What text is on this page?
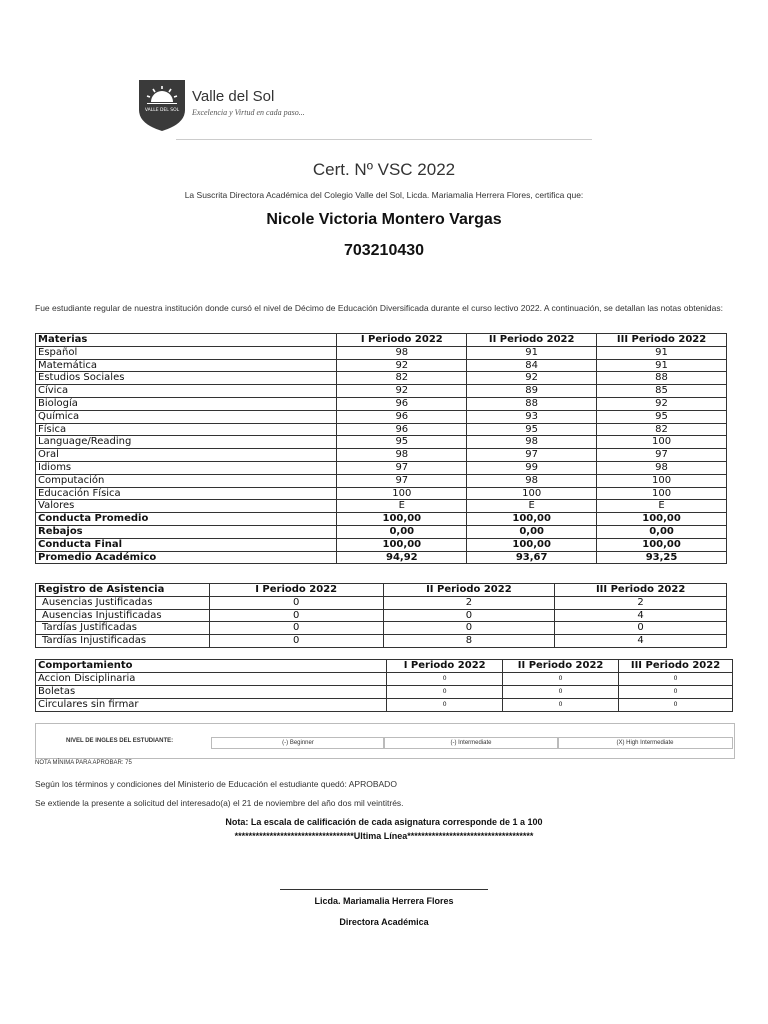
VALLE DEL SOL
Valle del Sol
Excelencia y Virtud en cada paso...
Cert. Nº VSC 2022
La Suscrita Directora Académica del Colegio Valle del Sol, Licda. Mariamalia Herrera Flores, certifica que:
Nicole Victoria Montero Vargas
703210430
Fue estudiante regular de nuestra institución donde cursó el nivel de Décimo de Educación Diversificada durante el curso lectivo 2022. A continuación, se detallan las notas obtenidas:
Materias	I Periodo 2022	II Periodo 2022	III Periodo 2022
Español	98	91	91
Matemática	92	84	91
Estudios Sociales	82	92	88
Cívica	92	89	85
Biología	96	88	92
Química	96	93	95
Física	96	95	82
Language/Reading	95	98	100
Oral	98	97	97
Idioms	97	99	98
Computación	97	98	100
Educación Física	100	100	100
Valores	E	E	E
Conducta Promedio	100,00	100,00	100,00
Rebajos	0,00	0,00	0,00
Conducta Final	100,00	100,00	100,00
Promedio Académico	94,92	93,67	93,25
Registro de Asistencia	I Periodo 2022	II Periodo 2022	III Periodo 2022
Ausencias Justificadas	0	2	2
Ausencias Injustificadas	0	0	4
Tardías Justificadas	0	0	0
Tardías Injustificadas	0	8	4
Comportamiento	I Periodo 2022	II Periodo 2022	III Periodo 2022
Accion Disciplinaria	0	0	0
Boletas	0	0	0
Circulares sin firmar	0	0	0
NIVEL DE INGLES DEL ESTUDIANTE:	(-) Beginner	(-) Intermediate	(X) High Intermediate
NOTA MÍNIMA PARA APROBAR: 75
Según los términos y condiciones del Ministerio de Educación el estudiante quedó: APROBADO
Se extiende la presente a solicitud del interesado(a) el 21 de noviembre del año dos mil veintitrés.
Nota: La escala de calificación de cada asignatura corresponde de 1 a 100
**********************************Ultima Línea************************************
Licda. Mariamalia Herrera Flores
Directora Académica
